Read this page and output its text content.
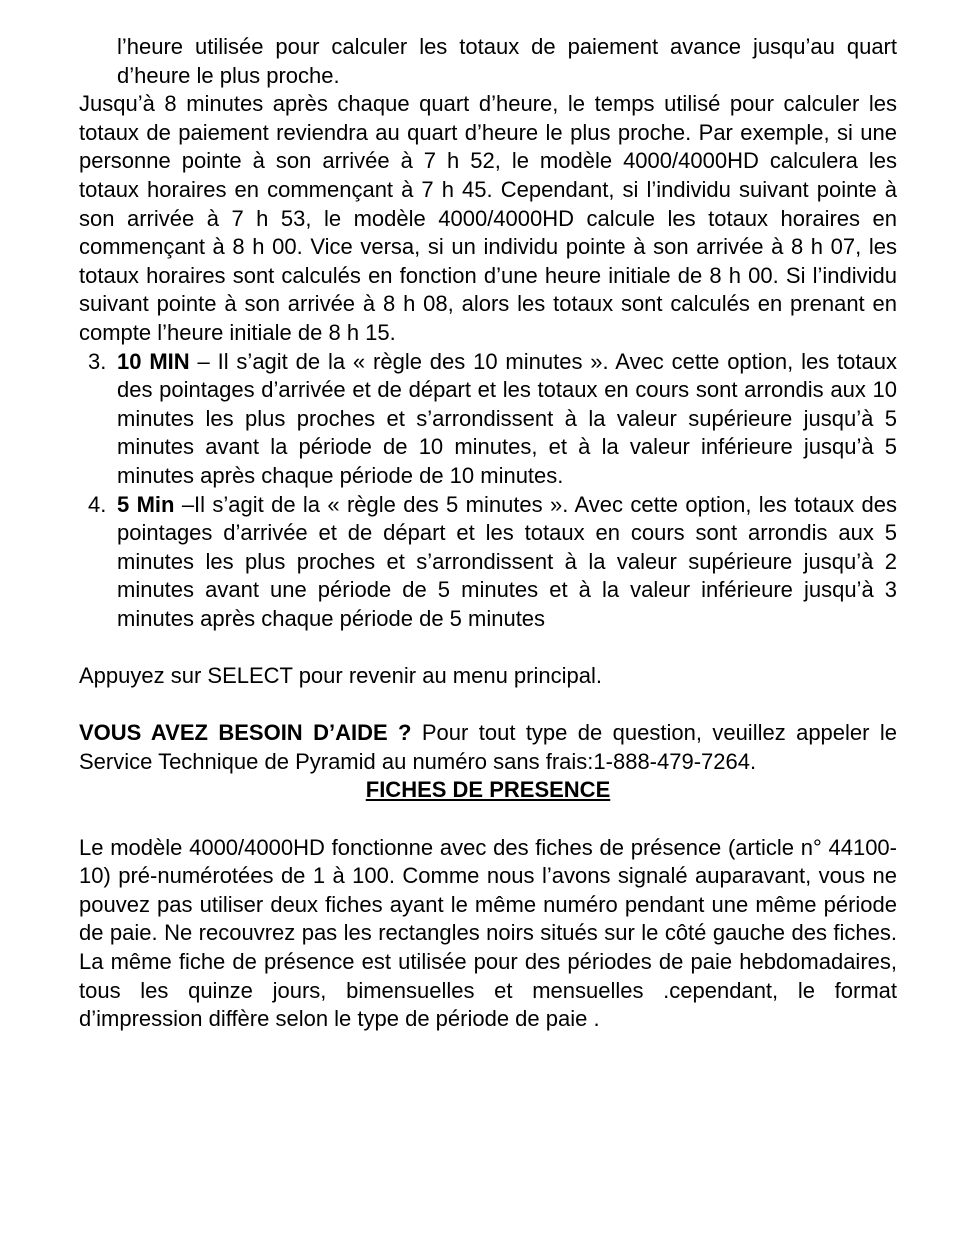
l’heure utilisée pour calculer les totaux de paiement avance jusqu’au quart d’heure le plus proche.

Jusqu’à 8 minutes après chaque quart d’heure, le temps utilisé pour calculer les totaux de paiement reviendra au quart d’heure le plus proche. Par exemple, si une personne pointe à son arrivée à 7 h 52, le modèle 4000/4000HD calculera les totaux horaires en commençant à 7 h 45. Cependant, si l’individu suivant pointe à son arrivée à 7 h 53, le modèle 4000/4000HD calcule les totaux horaires en commençant à 8 h 00. Vice versa, si un individu pointe à son arrivée à 8 h 07, les totaux horaires sont calculés en fonction d’une heure initiale de 8 h 00. Si l’individu suivant pointe à son arrivée à 8 h 08, alors les totaux sont calculés en prenant en compte l’heure initiale de 8 h 15.

3. 10 MIN – Il s’agit de la « règle des 10 minutes ». Avec cette option, les totaux des pointages d’arrivée et de départ et les totaux en cours sont arrondis aux 10 minutes les plus proches et s’arrondissent à la valeur supérieure jusqu’à 5 minutes avant la période de 10 minutes, et à la valeur inférieure jusqu’à 5 minutes après chaque période de 10 minutes.
4. 5 Min –Il s’agit de la « règle des 5 minutes ». Avec cette option, les totaux des pointages d’arrivée et de départ et les totaux en cours sont arrondis aux 5 minutes les plus proches et s’arrondissent à la valeur supérieure jusqu’à 2 minutes avant une période de 5 minutes et à la valeur inférieure jusqu’à 3 minutes après chaque période de 5 minutes

Appuyez sur SELECT pour revenir au menu principal.

VOUS AVEZ BESOIN D’AIDE ? Pour tout type de question, veuillez appeler le Service Technique de Pyramid au numéro sans frais:1-888-479-7264.

FICHES DE PRESENCE

Le modèle 4000/4000HD fonctionne avec des fiches de présence (article n° 44100-10) pré-numérotées de 1 à 100. Comme nous l’avons signalé auparavant, vous ne pouvez pas utiliser deux fiches ayant le même numéro pendant une même période de paie. Ne recouvrez pas les rectangles noirs situés sur le côté gauche des fiches. La même fiche de présence est utilisée pour des périodes de paie hebdomadaires, tous les quinze jours, bimensuelles et mensuelles .cependant, le format d’impression diffère selon le type de période de paie .
